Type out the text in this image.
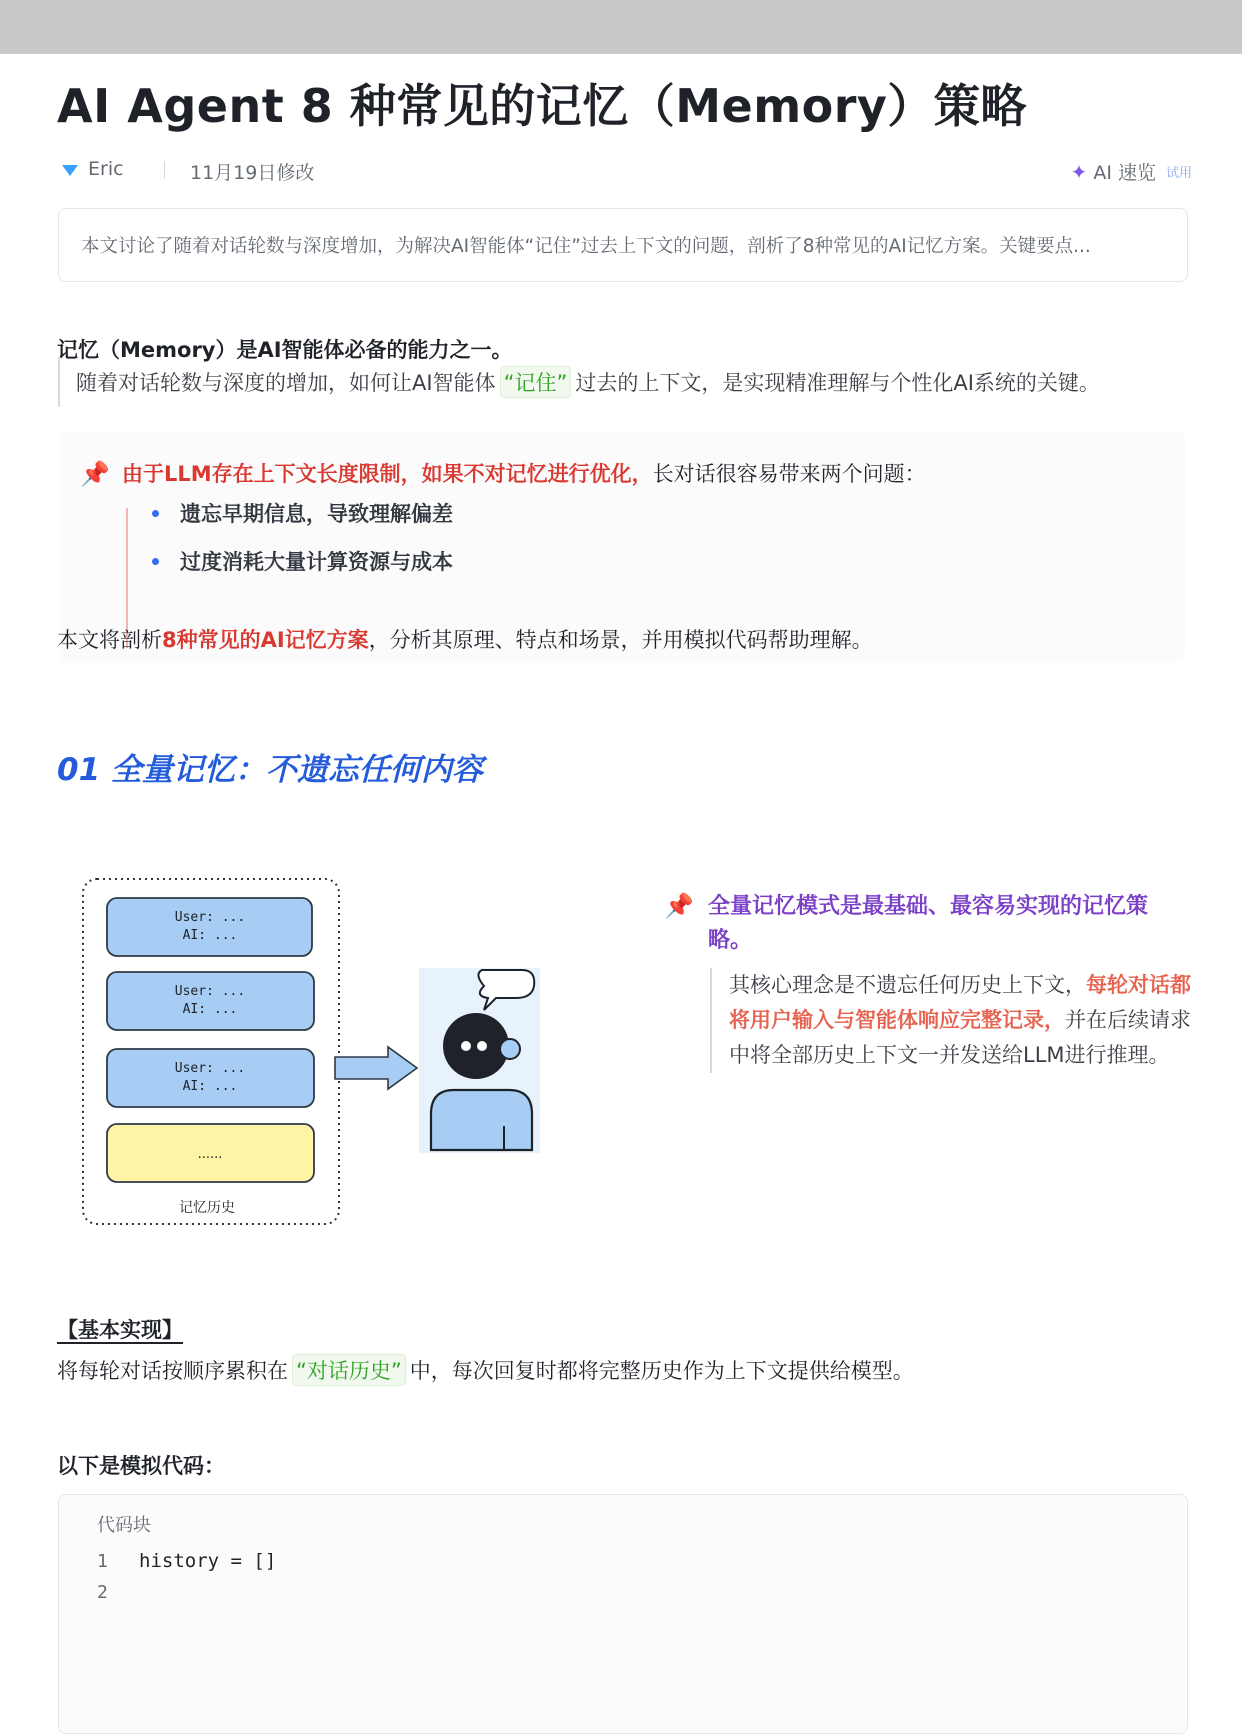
AI Agent 8 种常见的记忆（Memory）策略
Eric	11月19日修改	✦ AI 速览 试用
本文讨论了随着对话轮数与深度增加，为解决AI智能体“记住”过去上下文的问题，剖析了8种常见的AI记忆方案。关键要点...
记忆（Memory）是AI智能体必备的能力之一。
随着对话轮数与深度的增加，如何让AI智能体 “记住” 过去的上下文，是实现精准理解与个性化AI系统的关键。
📌 由于LLM存在上下文长度限制，如果不对记忆进行优化，长对话很容易带来两个问题：
遗忘早期信息，导致理解偏差
过度消耗大量计算资源与成本
本文将剖析8种常见的AI记忆方案，分析其原理、特点和场景，并用模拟代码帮助理解。
01 全量记忆：不遗忘任何内容
User: ...
AI: ...
User: ...
AI: ...
User: ...
AI: ...
......
记忆历史
📌 全量记忆模式是最基础、最容易实现的记忆策略。
其核心理念是不遗忘任何历史上下文，每轮对话都将用户输入与智能体响应完整记录，并在后续请求中将全部历史上下文一并发送给LLM进行推理。
【基本实现】
将每轮对话按顺序累积在 “对话历史” 中，每次回复时都将完整历史作为上下文提供给模型。
以下是模拟代码：
代码块
1 history = []
2
